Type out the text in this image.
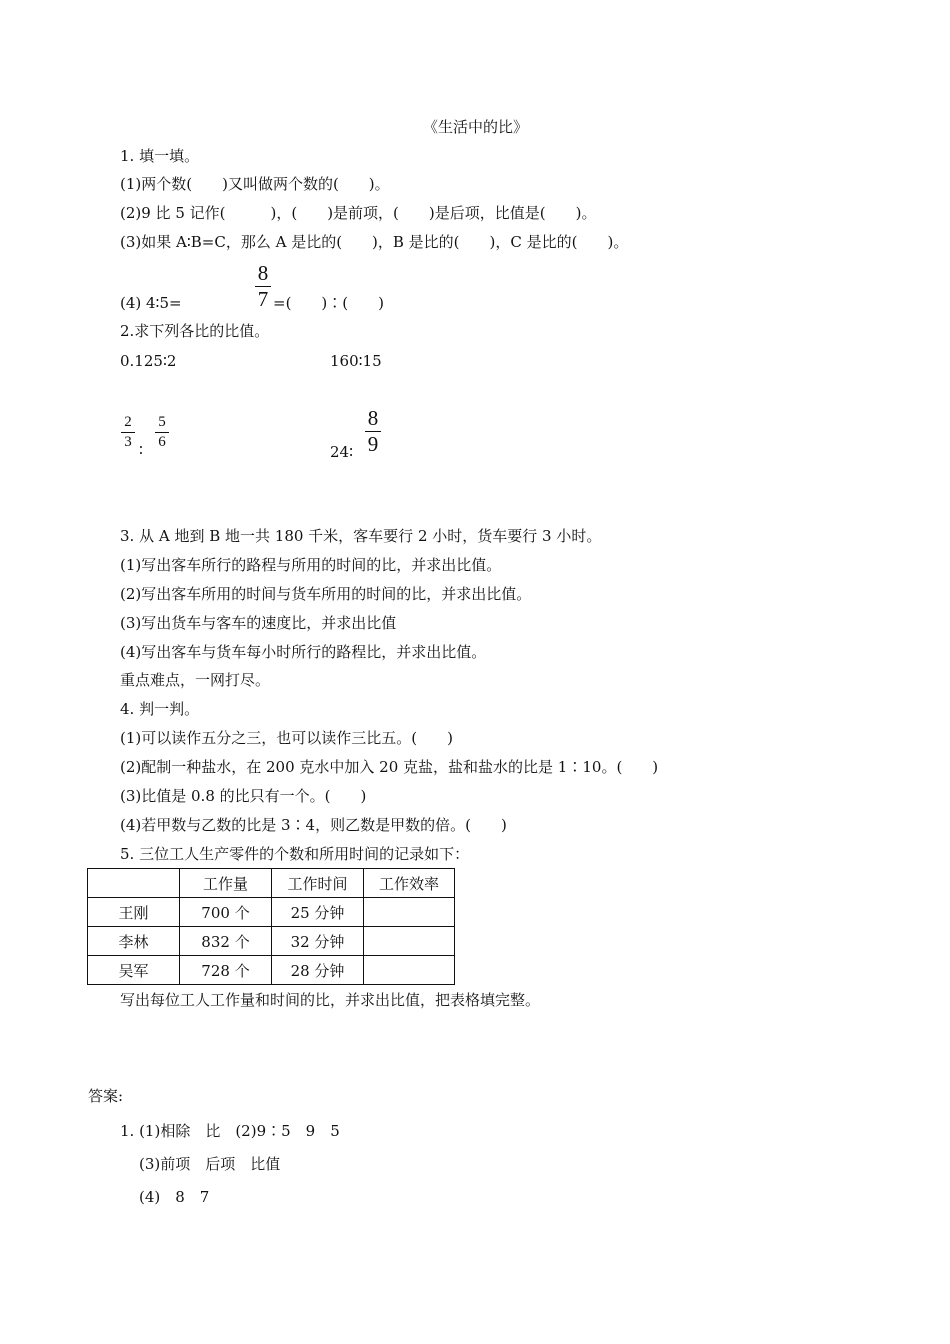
《生活中的比》
1. 填一填。
(1)两个数(　　)又叫做两个数的(　　)。
(2)9 比 5 记作(　　　)，(　　)是前项，(　　)是后项，比值是(　　)。
(3)如果 A∶B=C，那么 A 是比的(　　)，B 是比的(　　)，C 是比的(　　)。
(4) 4∶5=
8
7 =(　　)∶(　　)
2.求下列各比的比值。
0.125∶2	160∶15
2
3 ∶
5
6
24∶
8
9
3. 从 A 地到 B 地一共 180 千米，客车要行 2 小时，货车要行 3 小时。
(1)写出客车所行的路程与所用的时间的比，并求出比值。
(2)写出客车所用的时间与货车所用的时间的比，并求出比值。
(3)写出货车与客车的速度比，并求出比值
(4)写出客车与货车每小时所行的路程比，并求出比值。
重点难点，一网打尽。
4. 判一判。
(1)可以读作五分之三，也可以读作三比五。(　　)
(2)配制一种盐水，在 200 克水中加入 20 克盐，盐和盐水的比是 1∶10。(　　)
(3)比值是 0.8 的比只有一个。(　　)
(4)若甲数与乙数的比是 3∶4，则乙数是甲数的倍。(　　)
5. 三位工人生产零件的个数和所用时间的记录如下：
	工作量	工作时间	工作效率
王刚	700 个	25 分钟	
李林	832 个	32 分钟	
吴军	728 个	28 分钟	
写出每位工人工作量和时间的比，并求出比值，把表格填完整。
答案:
1. (1)相除　比　(2)9∶5　9　5
(3)前项　后项　比值
(4)　8　7
